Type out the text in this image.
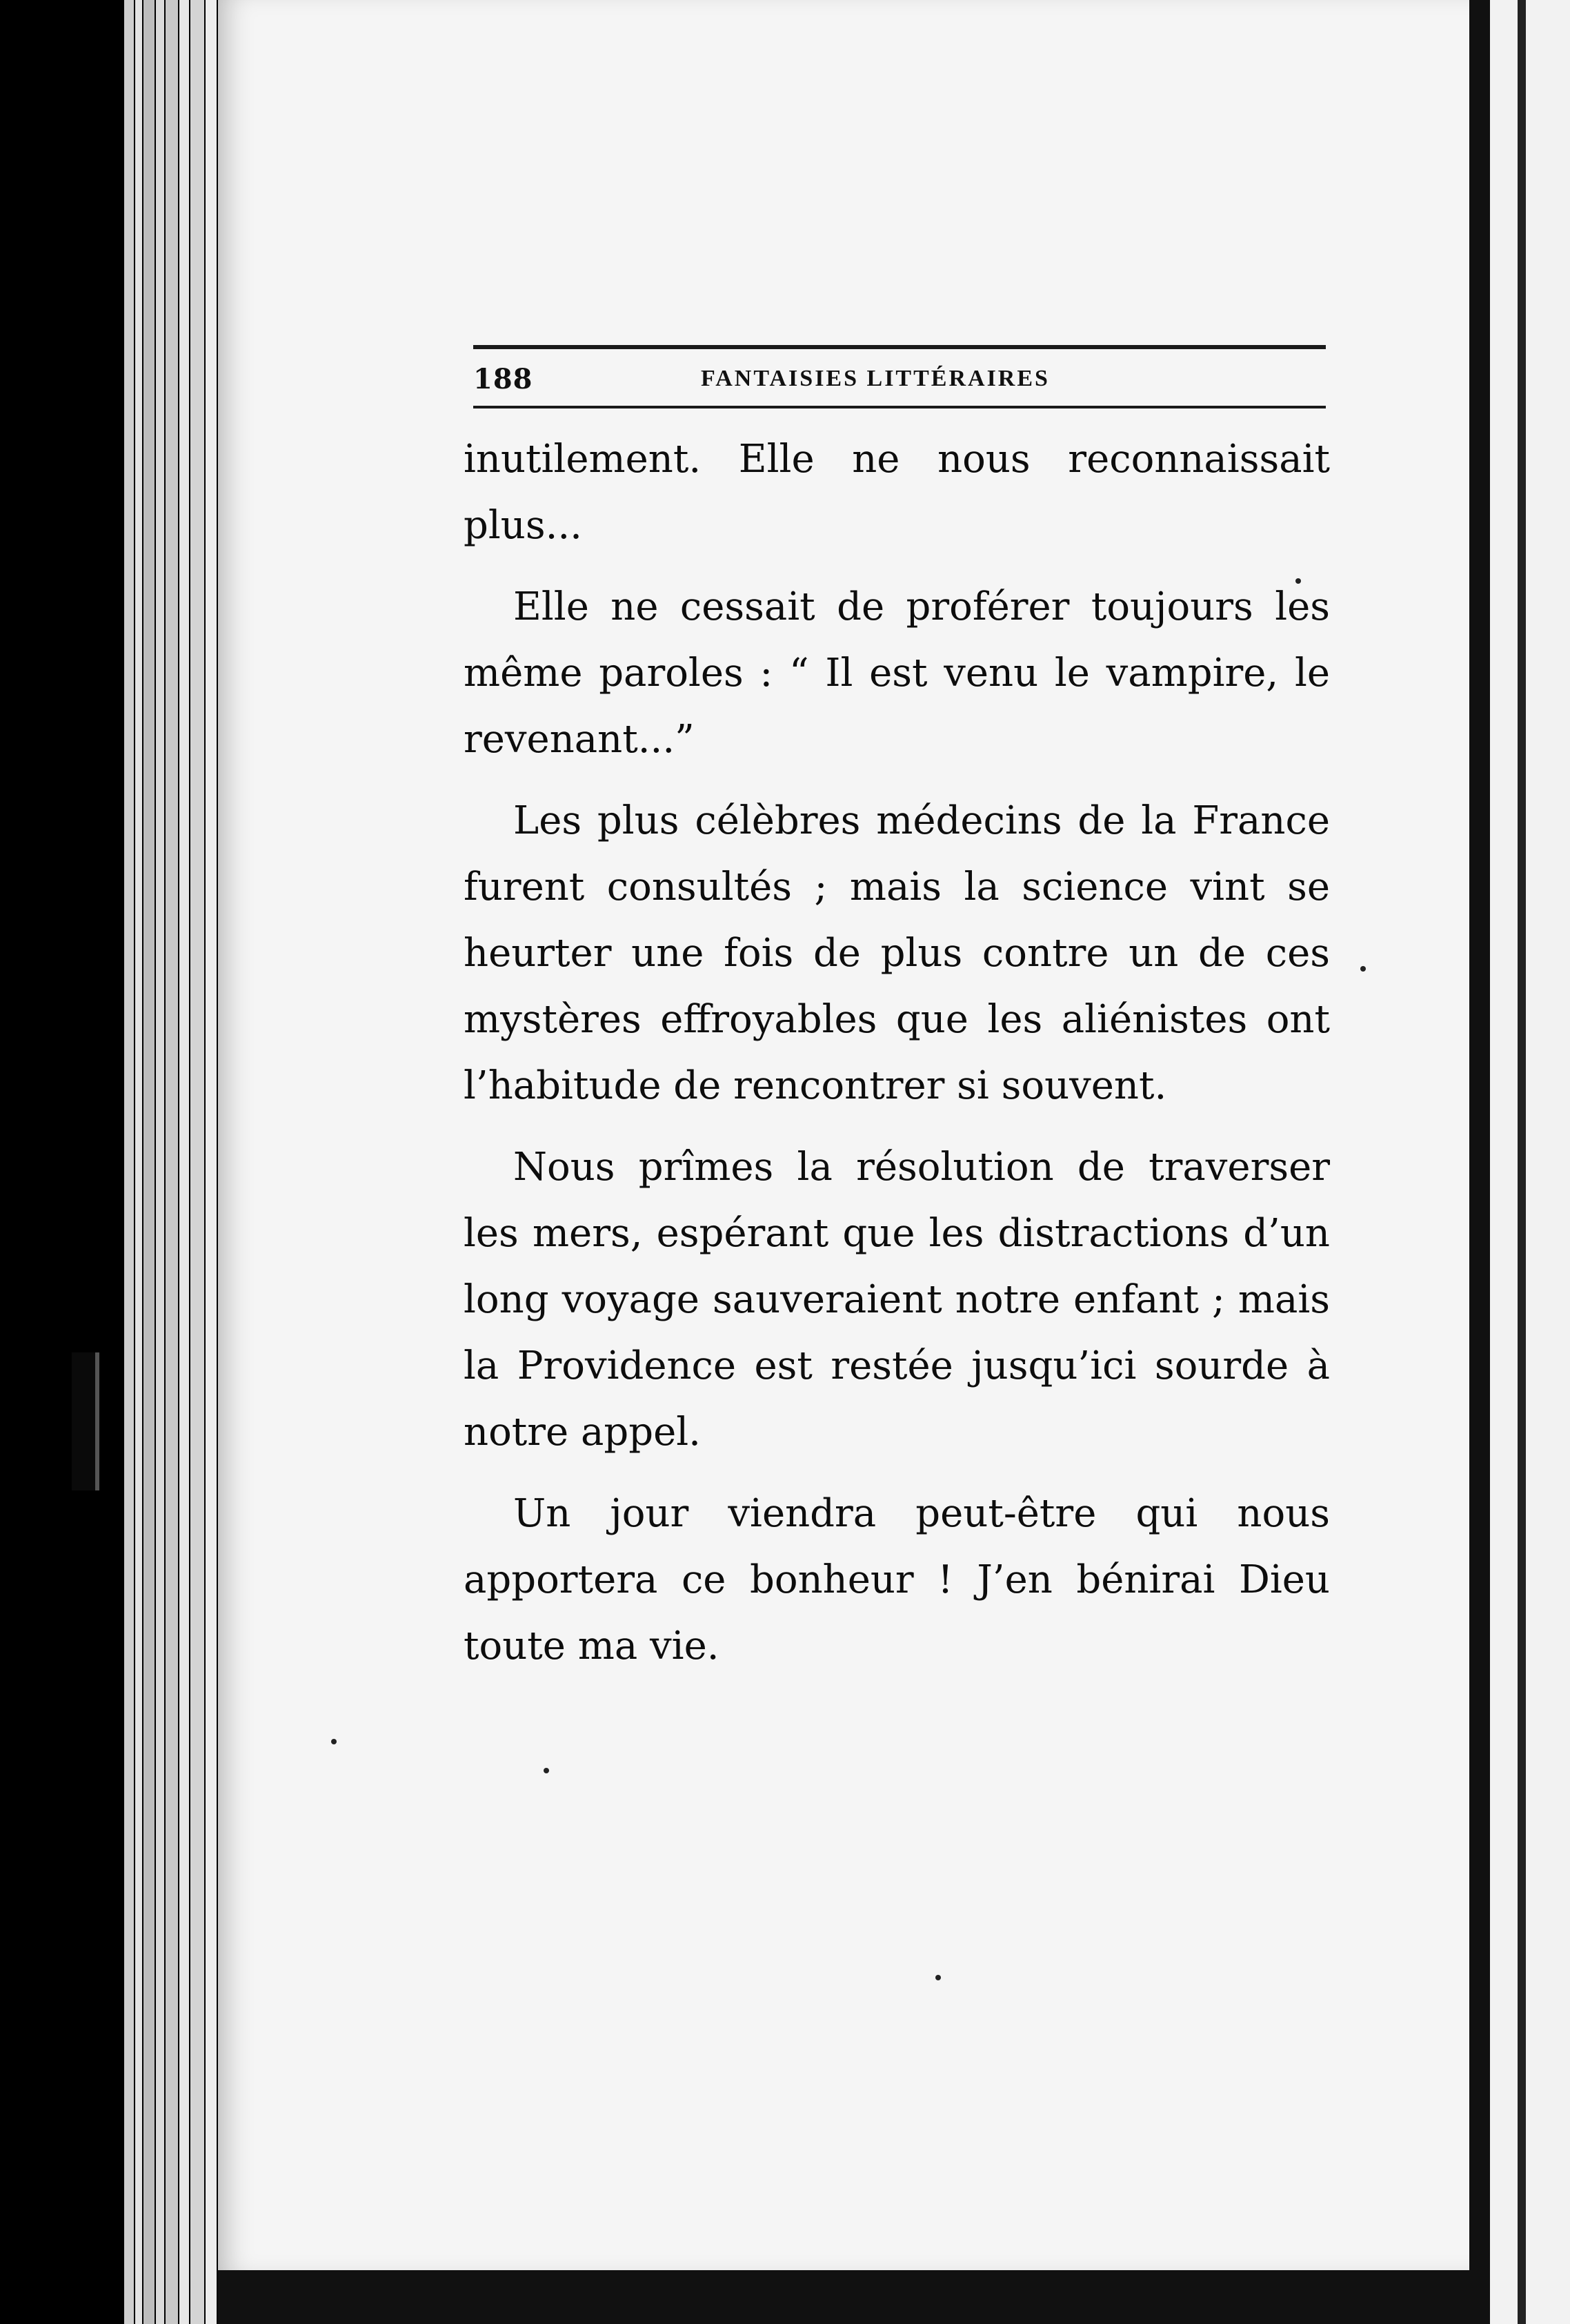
188	FANTAISIES LITTÉRAIRES

inutilement. Elle ne nous reconnaissait plus...

Elle ne cessait de proférer toujours les même paroles : “ Il est venu le vampire, le revenant...”

Les plus célèbres médecins de la France furent consultés ; mais la science vint se heurter une fois de plus contre un de ces mystères effroyables que les aliénistes ont l’habitude de rencontrer si souvent.

Nous prîmes la résolution de traverser les mers, espérant que les distractions d’un long voyage sauveraient notre enfant ; mais la Providence est restée jusqu’ici sourde à notre appel.

Un jour viendra peut-être qui nous apportera ce bonheur ! J’en bénirai Dieu toute ma vie.
